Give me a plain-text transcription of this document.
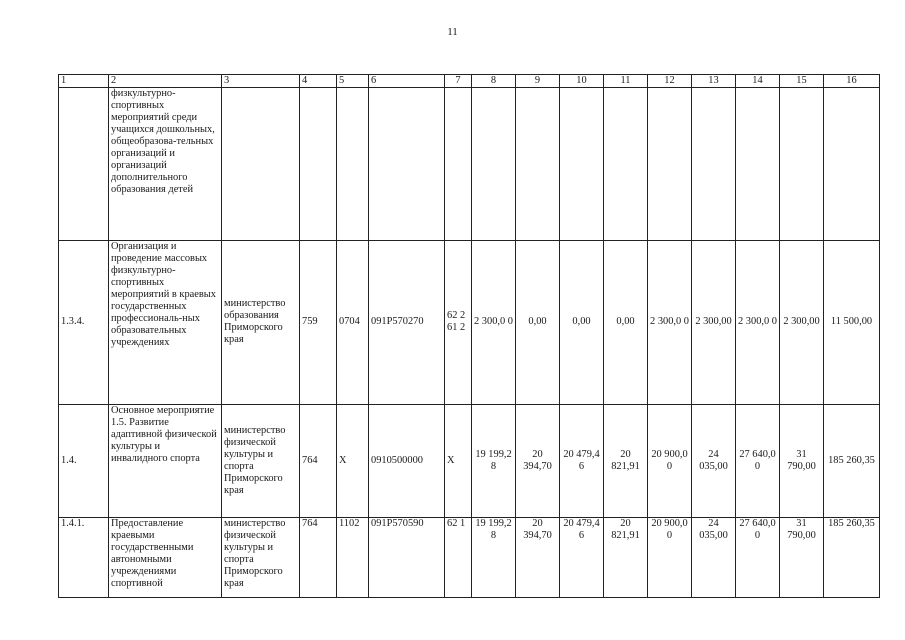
11
1	2	3	4	5	6	7	8	9	10	11	12	13	14	15	16
	физкультурно-спортивных мероприятий среди учащихся дошкольных, общеобразова-тельных организаций и организаций дополнительного образования детей														
1.3.4.	Организация и проведение массовых физкультурно-спортивных мероприятий в краевых государственных профессиональ-ных образовательных учреждениях	министерство образования Приморского края	759	0704	091P570270	62 2 61 2	2 300,0 0	0,00	0,00	0,00	2 300,0 0	2 300,00	2 300,0 0	2 300,00	11 500,00
1.4.	Основное мероприятие 1.5. Развитие адаптивной физической культуры и инвалидного спорта	министерство физической культуры и спорта Приморского края	764	Х	0910500000	Х	19 199,2 8	20 394,70	20 479,4 6	20 821,91	20 900,0 0	24 035,00	27 640,0 0	31 790,00	185 260,35
1.4.1.	Предоставление краевыми государственными автономными учреждениями спортивной	министерство физической культуры и спорта Приморского края	764	1102	091P570590	62 1	19 199,2 8	20 394,70	20 479,4 6	20 821,91	20 900,0 0	24 035,00	27 640,0 0	31 790,00	185 260,35
